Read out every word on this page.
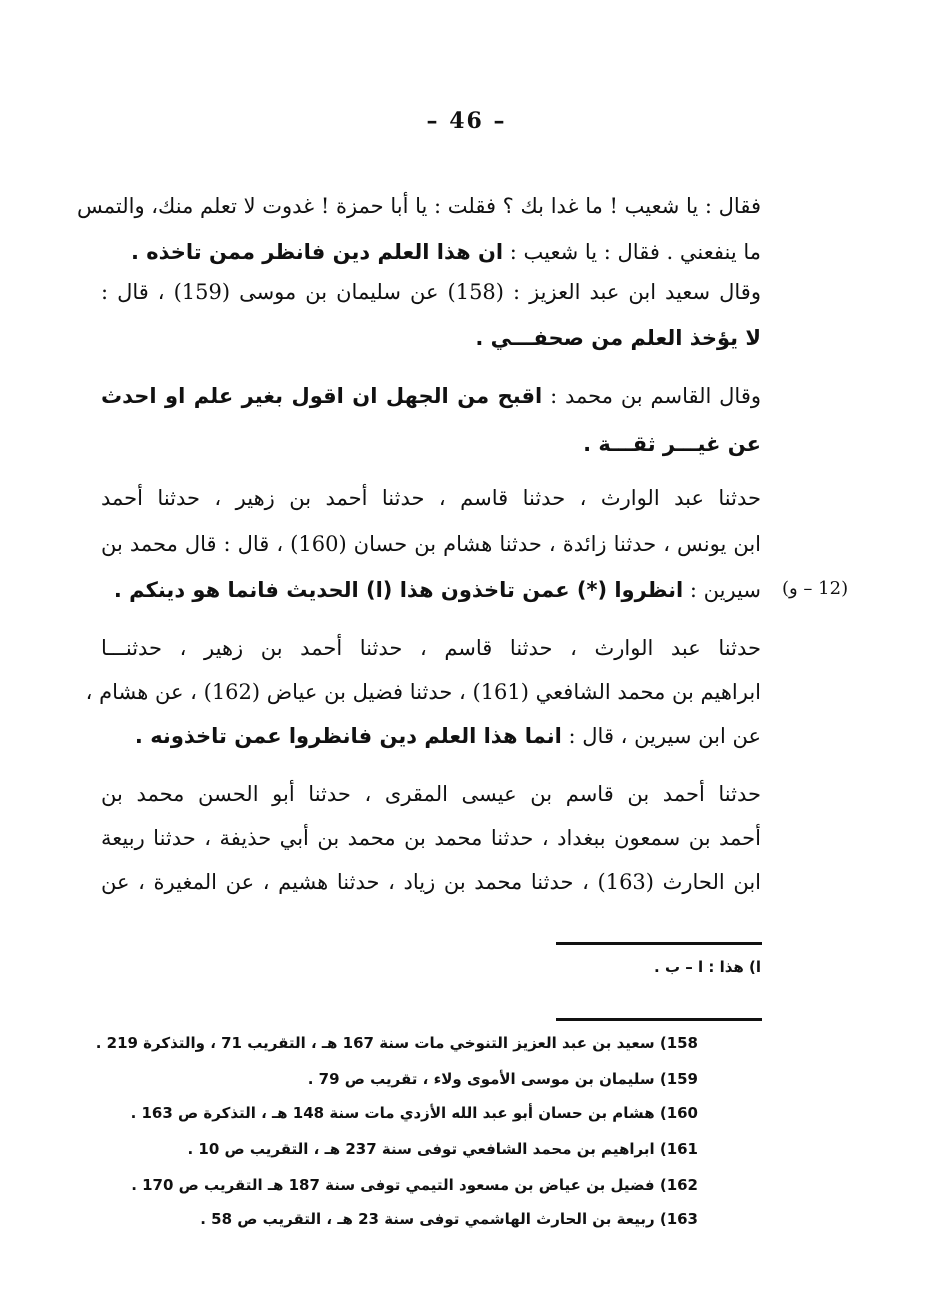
– 46 –
فقال : يا شعيب ! ما غدا بك ؟ فقلت : يا أبا حمزة ! غدوت لا تعلم منك، والتمس
ما ينفعني . فقال : يا شعيب : ان هذا العلم دين فانظر ممن تاخذه .
وقال سعيد ابن عبد العزيز : (158) عن سليمان بن موسى (159) ، قال :
لا يؤخذ العلم من صحفـــي .
وقال القاسم بن محمد : اقبح من الجهل ان اقول بغير علم او احدث
عن غيـــر ثقـــة .
حدثنا عبد الوارث ، حدثنا قاسم ، حدثنا أحمد بن زهير ، حدثنا أحمد
ابن يونس ، حدثنا زائدة ، حدثنا هشام بن حسان (160) ، قال : قال محمد بن
سيرين : انظروا (*) عمن تاخذون هذا (ا) الحديث فانما هو دينكم .	(12 – و)
حدثنا عبد الوارث ، حدثنا قاسم ، حدثنا أحمد بن زهير ، حدثنـــا
ابراهيم بن محمد الشافعي (161) ، حدثنا فضيل بن عياض (162) ، عن هشام ،
عن ابن سيرين ، قال : انما هذا العلم دين فانظروا عمن تاخذونه .
حدثنا أحمد بن قاسم بن عيسى المقرى ، حدثنا أبو الحسن محمد بن
أحمد بن سمعون ببغداد ، حدثنا محمد بن محمد بن أبي حذيفة ، حدثنا ربيعة
ابن الحارث (163) ، حدثنا محمد بن زياد ، حدثنا هشيم ، عن المغيرة ، عن
ا) هذا : ا – ب .
158) سعيد بن عبد العزيز التنوخي مات سنة 167 هـ ، التقريب 71 ، والتذكرة 219 .
159) سليمان بن موسى الأموى ولاء ، تقريب ص 79 .
160) هشام بن حسان أبو عبد الله الأزدي مات سنة 148 هـ ، التذكرة ص 163 .
161) ابراهيم بن محمد الشافعي توفى سنة 237 هـ ، التقريب ص 10 .
162) فضيل بن عياض بن مسعود التيمي توفى سنة 187 هـ التقريب ص 170 .
163) ربيعة بن الحارث الهاشمي توفى سنة 23 هـ ، التقريب ص 58 .
